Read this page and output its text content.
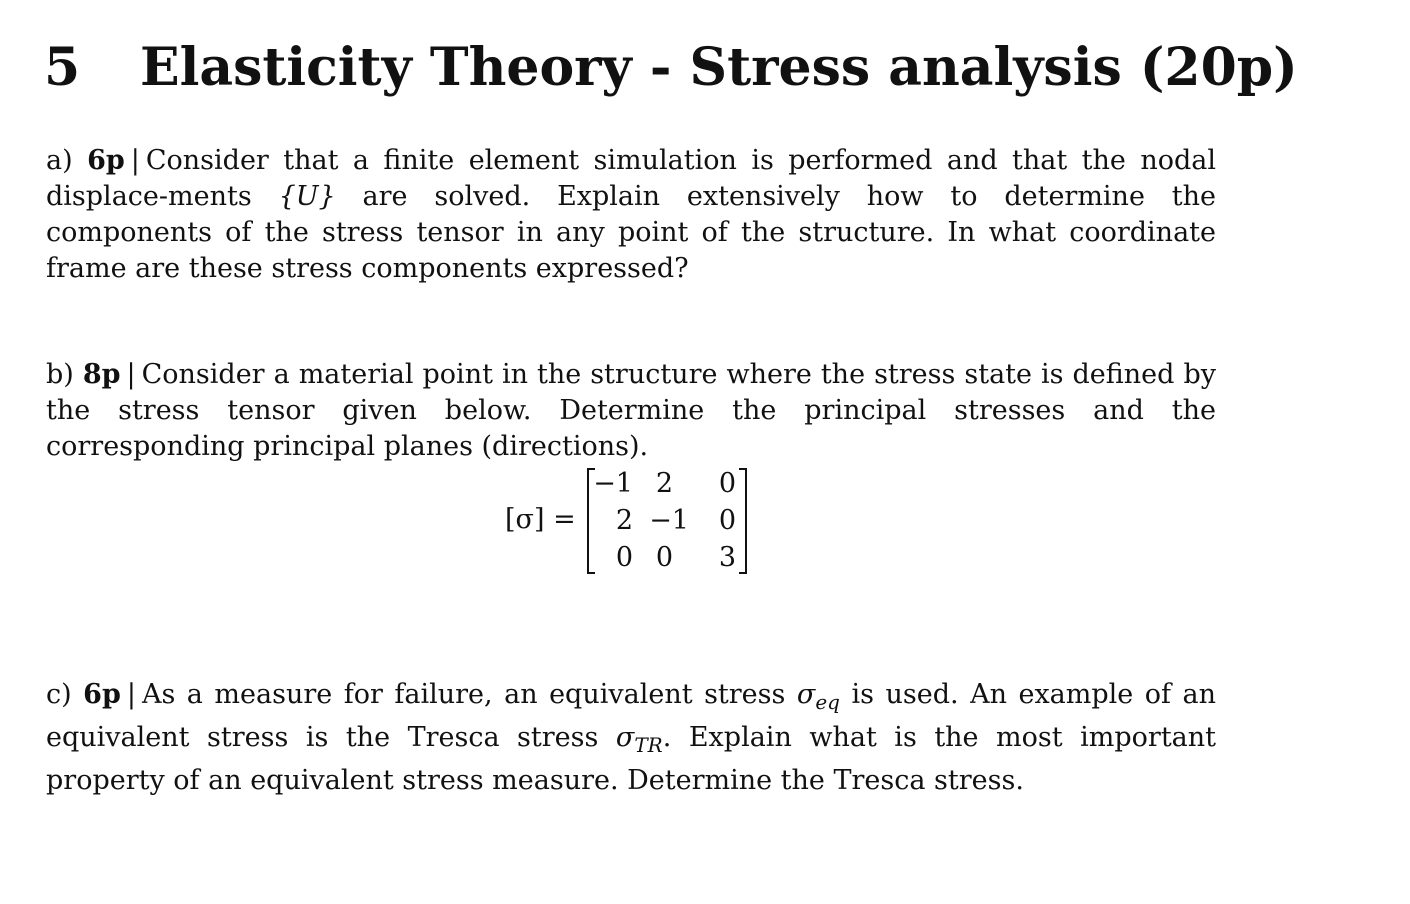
5 Elasticity Theory - Stress analysis (20p)
a) 6p | Consider that a finite element simulation is performed and that the nodal displace-ments {U} are solved. Explain extensively how to determine the components of the stress tensor in any point of the structure. In what coordinate frame are these stress components expressed?
b) 8p | Consider a material point in the structure where the stress state is defined by the stress tensor given below. Determine the principal stresses and the corresponding principal planes (directions).
[σ] =
−1 2	0
2 −1	0
0 0	3
c) 6p | As a measure for failure, an equivalent stress $\sigma_{eq}$ is used. An example of an equivalent stress is the Tresca stress $\sigma_{TR}$. Explain what is the most important property of an equivalent stress measure. Determine the Tresca stress.
